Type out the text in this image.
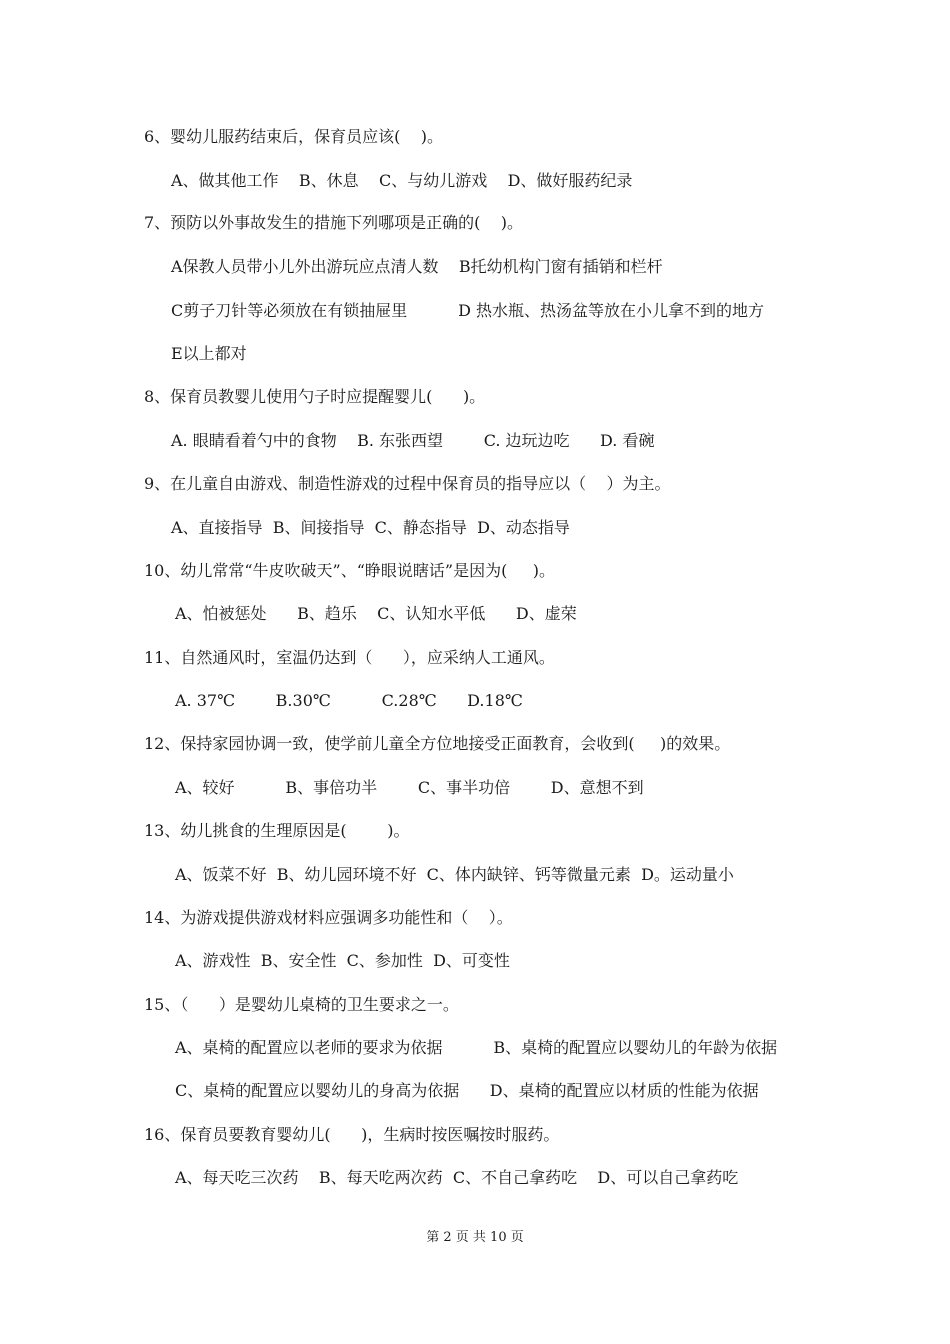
6、婴幼儿服药结束后，保育员应该(    )。
A、做其他工作    B、休息    C、与幼儿游戏    D、做好服药纪录
7、预防以外事故发生的措施下列哪项是正确的(    )。
A保教人员带小儿外出游玩应点清人数    B托幼机构门窗有插销和栏杆
C剪子刀针等必须放在有锁抽屉里          D 热水瓶、热汤盆等放在小儿拿不到的地方
E以上都对
8、保育员教婴儿使用勺子时应提醒婴儿(      )。
A. 眼睛看着勺中的食物    B. 东张西望        C. 边玩边吃      D. 看碗
9、在儿童自由游戏、制造性游戏的过程中保育员的指导应以（    ）为主。
A、直接指导  B、间接指导  C、静态指导  D、动态指导
10、幼儿常常“牛皮吹破天”、“睁眼说瞎话”是因为(     )。
A、怕被惩处      B、趋乐    C、认知水平低      D、虚荣
11、自然通风时，室温仍达到（      ），应采纳人工通风。
A. 37℃        B.30℃          C.28℃      D.18℃
12、保持家园协调一致，使学前儿童全方位地接受正面教育，会收到(     )的效果。
A、较好          B、事倍功半        C、事半功倍        D、意想不到
13、幼儿挑食的生理原因是(        )。
A、饭菜不好  B、幼儿园环境不好  C、体内缺锌、钙等微量元素  D。运动量小
14、为游戏提供游戏材料应强调多功能性和（    ）。
A、游戏性  B、安全性  C、参加性  D、可变性
15、（      ）是婴幼儿桌椅的卫生要求之一。
A、桌椅的配置应以老师的要求为依据          B、桌椅的配置应以婴幼儿的年龄为依据
C、桌椅的配置应以婴幼儿的身高为依据      D、桌椅的配置应以材质的性能为依据
16、保育员要教育婴幼儿(      )，生病时按医嘱按时服药。
A、每天吃三次药    B、每天吃两次药  C、不自己拿药吃    D、可以自己拿药吃
第 2 页 共 10 页
